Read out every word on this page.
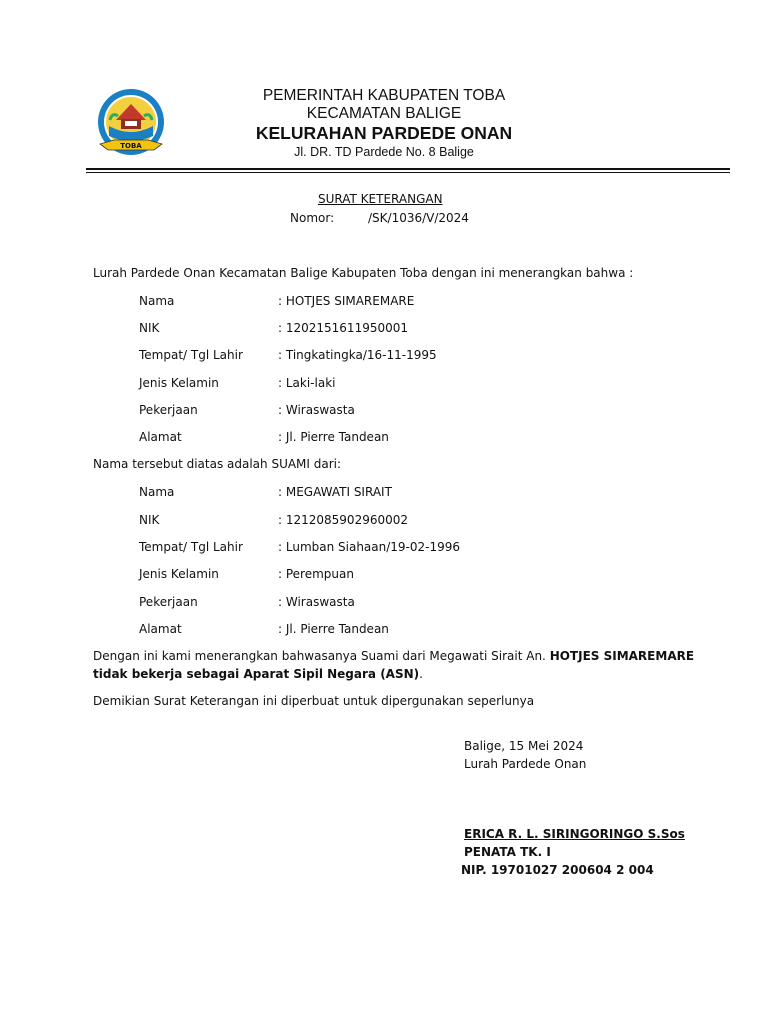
TOBA
PEMERINTAH KABUPATEN TOBA
KECAMATAN BALIGE
KELURAHAN PARDEDE ONAN
Jl. DR. TD Pardede No. 8 Balige
SURAT KETERANGAN
Nomor:	/SK/1036/V/2024
Lurah Pardede Onan Kecamatan Balige Kabupaten Toba dengan ini menerangkan bahwa :
Nama	: HOTJES SIMAREMARE
NIK	: 1202151611950001
Tempat/ Tgl Lahir	: Tingkatingka/16-11-1995
Jenis Kelamin	: Laki-laki
Pekerjaan	: Wiraswasta
Alamat	: Jl. Pierre Tandean
Nama tersebut diatas adalah SUAMI dari:
Nama	: MEGAWATI SIRAIT
NIK	: 1212085902960002
Tempat/ Tgl Lahir	: Lumban Siahaan/19-02-1996
Jenis Kelamin	: Perempuan
Pekerjaan	: Wiraswasta
Alamat	: Jl. Pierre Tandean
Dengan ini kami menerangkan bahwasanya Suami dari Megawati Sirait An. HOTJES SIMAREMARE
tidak bekerja sebagai Aparat Sipil Negara (ASN).
Demikian Surat Keterangan ini diperbuat untuk dipergunakan seperlunya
Balige, 15 Mei 2024
Lurah Pardede Onan
ERICA R. L. SIRINGORINGO S.Sos
PENATA TK. I
NIP. 19701027 200604 2 004
